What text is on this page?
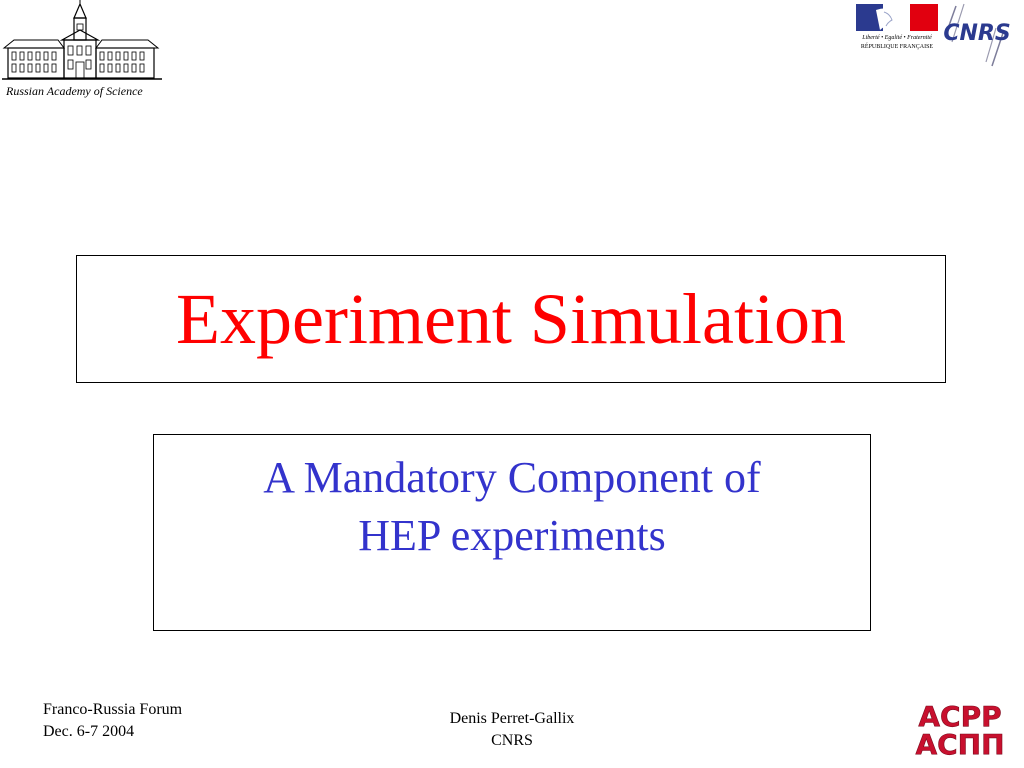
Russian Academy of Science
Liberté • Egalité • Fraternité
RÉPUBLIQUE FRANÇAISE
CNRS
Experiment Simulation
A Mandatory Component of
HEP experiments
Franco-Russia Forum
Dec. 6-7 2004
Denis Perret-Gallix
CNRS
ACPP
ACПП
